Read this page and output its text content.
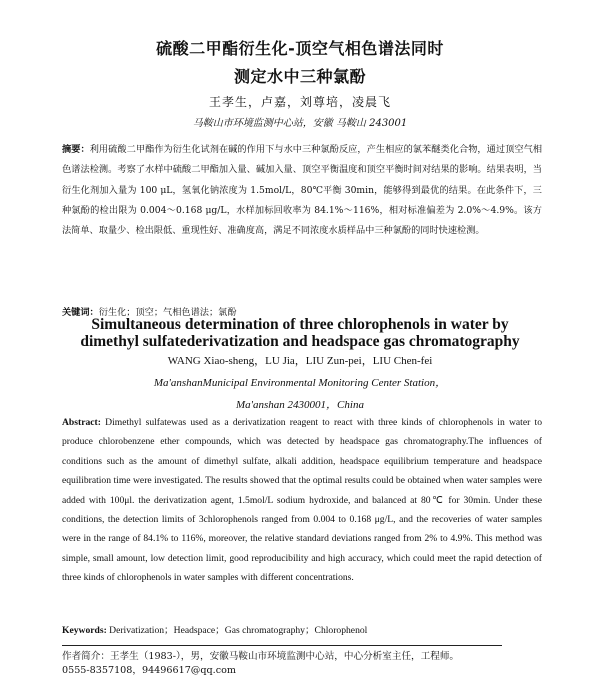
硫酸二甲酯衍生化-顶空气相色谱法同时
测定水中三种氯酚
王孝生，卢嘉，刘尊培，凌晨飞
马鞍山市环境监测中心站，安徽 马鞍山 243001
摘要：利用硫酸二甲酯作为衍生化试剂在碱的作用下与水中三种氯酚反应，产生相应的氯苯醚类化合物，通过顶空气相色谱法检测。考察了水样中硫酸二甲酯加入量、碱加入量、顶空平衡温度和顶空平衡时间对结果的影响。结果表明，当衍生化剂加入量为 100 μL，氢氧化钠浓度为 1.5mol/L，80℃平衡 30min，能够得到最优的结果。在此条件下，三种氯酚的检出限为 0.004～0.168 μg/L，水样加标回收率为 84.1%～116%，相对标准偏差为 2.0%～4.9%。该方法简单、取量少、检出限低、重现性好、准确度高，满足不同浓度水质样品中三种氯酚的同时快速检测。
关键词：衍生化；顶空；气相色谱法；氯酚
Simultaneous determination of three chlorophenols in water by
dimethyl sulfatederivatization and headspace gas chromatography
WANG Xiao-sheng，LU Jia，LIU Zun-pei，LIU Chen-fei
Ma'anshanMunicipal Environmental Monitoring Center Station，
Ma'anshan 2430001，China
Abstract: Dimethyl sulfatewas used as a derivatization reagent to react with three kinds of chlorophenols in water to produce chlorobenzene ether compounds, which was detected by headspace gas chromatography.The influences of conditions such as the amount of dimethyl sulfate, alkali addition, headspace equilibrium temperature and headspace equilibration time were investigated. The results showed that the optimal results could be obtained when water samples were added with 100μl. the derivatization agent, 1.5mol/L sodium hydroxide, and balanced at 80℃ for 30min. Under these conditions, the detection limits of 3chlorophenols ranged from 0.004 to 0.168 μg/L, and the recoveries of water samples were in the range of 84.1% to 116%, moreover, the relative standard deviations ranged from 2% to 4.9%. This method was simple, small amount, low detection limit, good reproducibility and high accuracy, which could meet the rapid detection of three kinds of chlorophenols in water samples with different concentrations.
Keywords: Derivatization；Headspace；Gas chromatography；Chlorophenol
作者简介：王孝生（1983-），男，安徽马鞍山市环境监测中心站，中心分析室主任，工程师。
0555-8357108，94496617@qq.com
